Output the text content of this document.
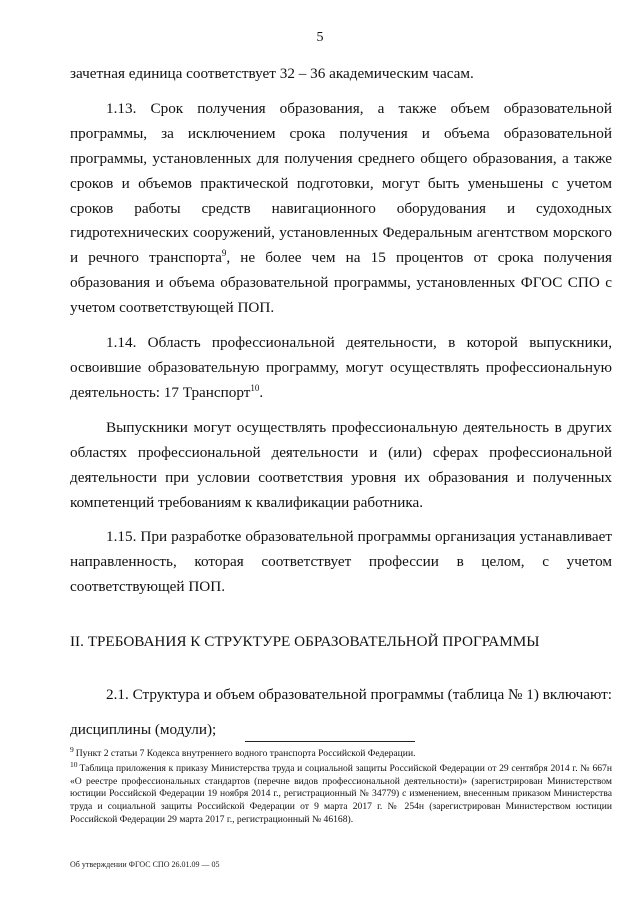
5

зачетная единица соответствует 32 – 36 академическим часам.

1.13. Срок получения образования, а также объем образовательной программы, за исключением срока получения и объема образовательной программы, установленных для получения среднего общего образования, а также сроков и объемов практической подготовки, могут быть уменьшены с учетом сроков работы средств навигационного оборудования и судоходных гидротехнических сооружений, установленных Федеральным агентством морского и речного транспорта$^9$, не более чем на 15 процентов от срока получения образования и объема образовательной программы, установленных ФГОС СПО с учетом соответствующей ПОП.

1.14. Область профессиональной деятельности, в которой выпускники, освоившие образовательную программу, могут осуществлять профессиональную деятельность: 17 Транспорт$^{10}$.

Выпускники могут осуществлять профессиональную деятельность в других областях профессиональной деятельности и (или) сферах профессиональной деятельности при условии соответствия уровня их образования и полученных компетенций требованиям к квалификации работника.

1.15. При разработке образовательной программы организация устанавливает направленность, которая соответствует профессии в целом, с учетом соответствующей ПОП.

II. ТРЕБОВАНИЯ К СТРУКТУРЕ ОБРАЗОВАТЕЛЬНОЙ ПРОГРАММЫ

2.1. Структура и объем образовательной программы (таблица № 1) включают:

дисциплины (модули);

$^9$ Пункт 2 статьи 7 Кодекса внутреннего водного транспорта Российской Федерации.

$^{10}$ Таблица приложения к приказу Министерства труда и социальной защиты Российской Федерации от 29 сентября 2014 г. № 667н «О реестре профессиональных стандартов (перечне видов профессиональной деятельности)» (зарегистрирован Министерством юстиции Российской Федерации 19 ноября 2014 г., регистрационный № 34779) с изменением, внесенным приказом Министерства труда и социальной защиты Российской Федерации от 9 марта 2017 г. № 254н (зарегистрирован Министерством юстиции Российской Федерации 29 марта 2017 г., регистрационный № 46168).

Об утверждении ФГОС СПО 26.01.09 — 05
